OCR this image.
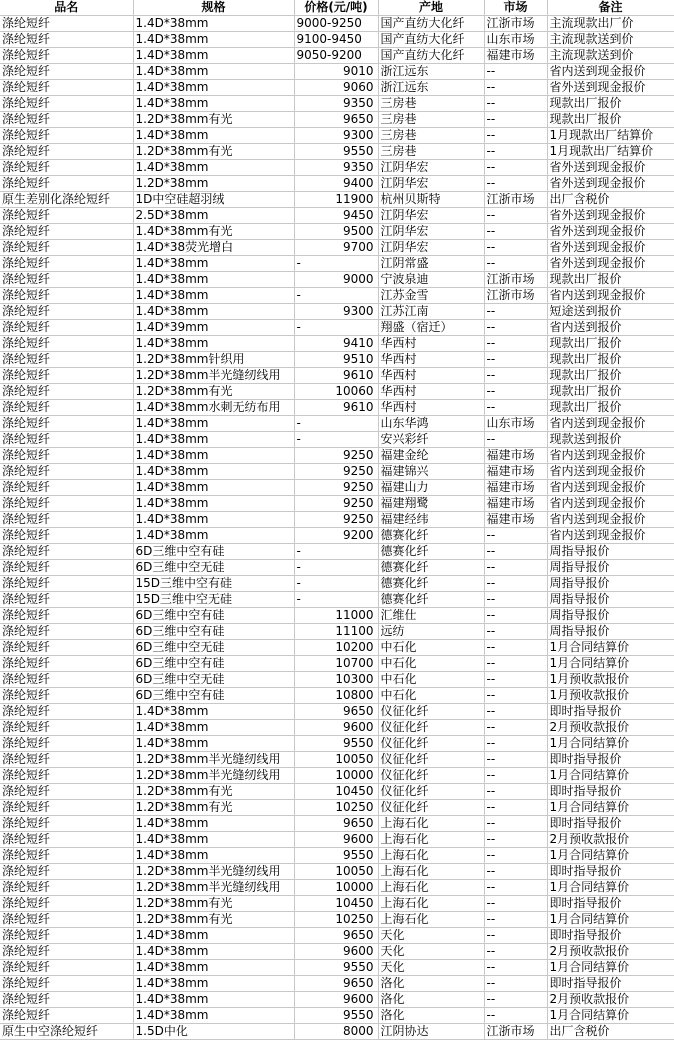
品名	规格	价格(元/吨)	产地	市场	备注
涤纶短纤	1.4D*38mm	9000-9250	国产直纺大化纤	江浙市场	主流现款出厂价
涤纶短纤	1.4D*38mm	9100-9450	国产直纺大化纤	山东市场	主流现款送到价
涤纶短纤	1.4D*38mm	9050-9200	国产直纺大化纤	福建市场	主流现款送到价
涤纶短纤	1.4D*38mm	9010	浙江远东	--	省内送到现金报价
涤纶短纤	1.4D*38mm	9060	浙江远东	--	省外送到现金报价
涤纶短纤	1.4D*38mm	9350	三房巷	--	现款出厂报价
涤纶短纤	1.2D*38mm有光	9650	三房巷	--	现款出厂报价
涤纶短纤	1.4D*38mm	9300	三房巷	--	1月现款出厂结算价
涤纶短纤	1.2D*38mm有光	9550	三房巷	--	1月现款出厂结算价
涤纶短纤	1.4D*38mm	9350	江阴华宏	--	省外送到现金报价
涤纶短纤	1.2D*38mm	9400	江阴华宏	--	省外送到现金报价
原生差别化涤纶短纤	1D中空硅超羽绒	11900	杭州贝斯特	江浙市场	出厂含税价
涤纶短纤	2.5D*38mm	9450	江阴华宏	--	省外送到现金报价
涤纶短纤	1.4D*38mm有光	9500	江阴华宏	--	省外送到现金报价
涤纶短纤	1.4D*38荧光增白	9700	江阴华宏	--	省外送到现金报价
涤纶短纤	1.4D*38mm	-	江阴常盛	--	省外送到现金报价
涤纶短纤	1.4D*38mm	9000	宁波泉迪	江浙市场	现款出厂报价
涤纶短纤	1.4D*38mm	-	江苏金雪	江浙市场	省内送到现金报价
涤纶短纤	1.4D*38mm	9300	江苏江南	--	短途送到报价
涤纶短纤	1.4D*39mm	-	翔盛（宿迁）	--	省内送到报价
涤纶短纤	1.4D*38mm	9410	华西村	--	现款出厂报价
涤纶短纤	1.2D*38mm针织用	9510	华西村	--	现款出厂报价
涤纶短纤	1.2D*38mm半光缝纫线用	9610	华西村	--	现款出厂报价
涤纶短纤	1.2D*38mm有光	10060	华西村	--	现款出厂报价
涤纶短纤	1.4D*38mm水刺无纺布用	9610	华西村	--	现款出厂报价
涤纶短纤	1.4D*38mm	-	山东华鸿	山东市场	省内送到现金报价
涤纶短纤	1.4D*38mm	-	安兴彩纤	--	现款送到报价
涤纶短纤	1.4D*38mm	9250	福建金纶	福建市场	省内送到现金报价
涤纶短纤	1.4D*38mm	9250	福建锦兴	福建市场	省内送到现金报价
涤纶短纤	1.4D*38mm	9250	福建山力	福建市场	省内送到现金报价
涤纶短纤	1.4D*38mm	9250	福建翔鹭	福建市场	省内送到现金报价
涤纶短纤	1.4D*38mm	9250	福建经纬	福建市场	省内送到现金报价
涤纶短纤	1.4D*38mm	9200	德赛化纤	--	省内送到现金报价
涤纶短纤	6D三维中空有硅	-	德赛化纤	--	周指导报价
涤纶短纤	6D三维中空无硅	-	德赛化纤	--	周指导报价
涤纶短纤	15D三维中空有硅	-	德赛化纤	--	周指导报价
涤纶短纤	15D三维中空无硅	-	德赛化纤	--	周指导报价
涤纶短纤	6D三维中空有硅	11000	汇维仕	--	周指导报价
涤纶短纤	6D三维中空有硅	11100	远纺	--	周指导报价
涤纶短纤	6D三维中空无硅	10200	中石化	--	1月合同结算价
涤纶短纤	6D三维中空有硅	10700	中石化	--	1月合同结算价
涤纶短纤	6D三维中空无硅	10300	中石化	--	1月预收款报价
涤纶短纤	6D三维中空有硅	10800	中石化	--	1月预收款报价
涤纶短纤	1.4D*38mm	9650	仪征化纤	--	即时指导报价
涤纶短纤	1.4D*38mm	9600	仪征化纤	--	2月预收款报价
涤纶短纤	1.4D*38mm	9550	仪征化纤	--	1月合同结算价
涤纶短纤	1.2D*38mm半光缝纫线用	10050	仪征化纤	--	即时指导报价
涤纶短纤	1.2D*38mm半光缝纫线用	10000	仪征化纤	--	1月合同结算价
涤纶短纤	1.2D*38mm有光	10450	仪征化纤	--	即时指导报价
涤纶短纤	1.2D*38mm有光	10250	仪征化纤	--	1月合同结算价
涤纶短纤	1.4D*38mm	9650	上海石化	--	即时指导报价
涤纶短纤	1.4D*38mm	9600	上海石化	--	2月预收款报价
涤纶短纤	1.4D*38mm	9550	上海石化	--	1月合同结算价
涤纶短纤	1.2D*38mm半光缝纫线用	10050	上海石化	--	即时指导报价
涤纶短纤	1.2D*38mm半光缝纫线用	10000	上海石化	--	1月合同结算价
涤纶短纤	1.2D*38mm有光	10450	上海石化	--	即时指导报价
涤纶短纤	1.2D*38mm有光	10250	上海石化	--	1月合同结算价
涤纶短纤	1.4D*38mm	9650	天化	--	即时指导报价
涤纶短纤	1.4D*38mm	9600	天化	--	2月预收款报价
涤纶短纤	1.4D*38mm	9550	天化	--	1月合同结算价
涤纶短纤	1.4D*38mm	9650	洛化	--	即时指导报价
涤纶短纤	1.4D*38mm	9600	洛化	--	2月预收款报价
涤纶短纤	1.4D*38mm	9550	洛化	--	1月合同结算价
原生中空涤纶短纤	1.5D中化	8000	江阴协达	江浙市场	出厂含税价
